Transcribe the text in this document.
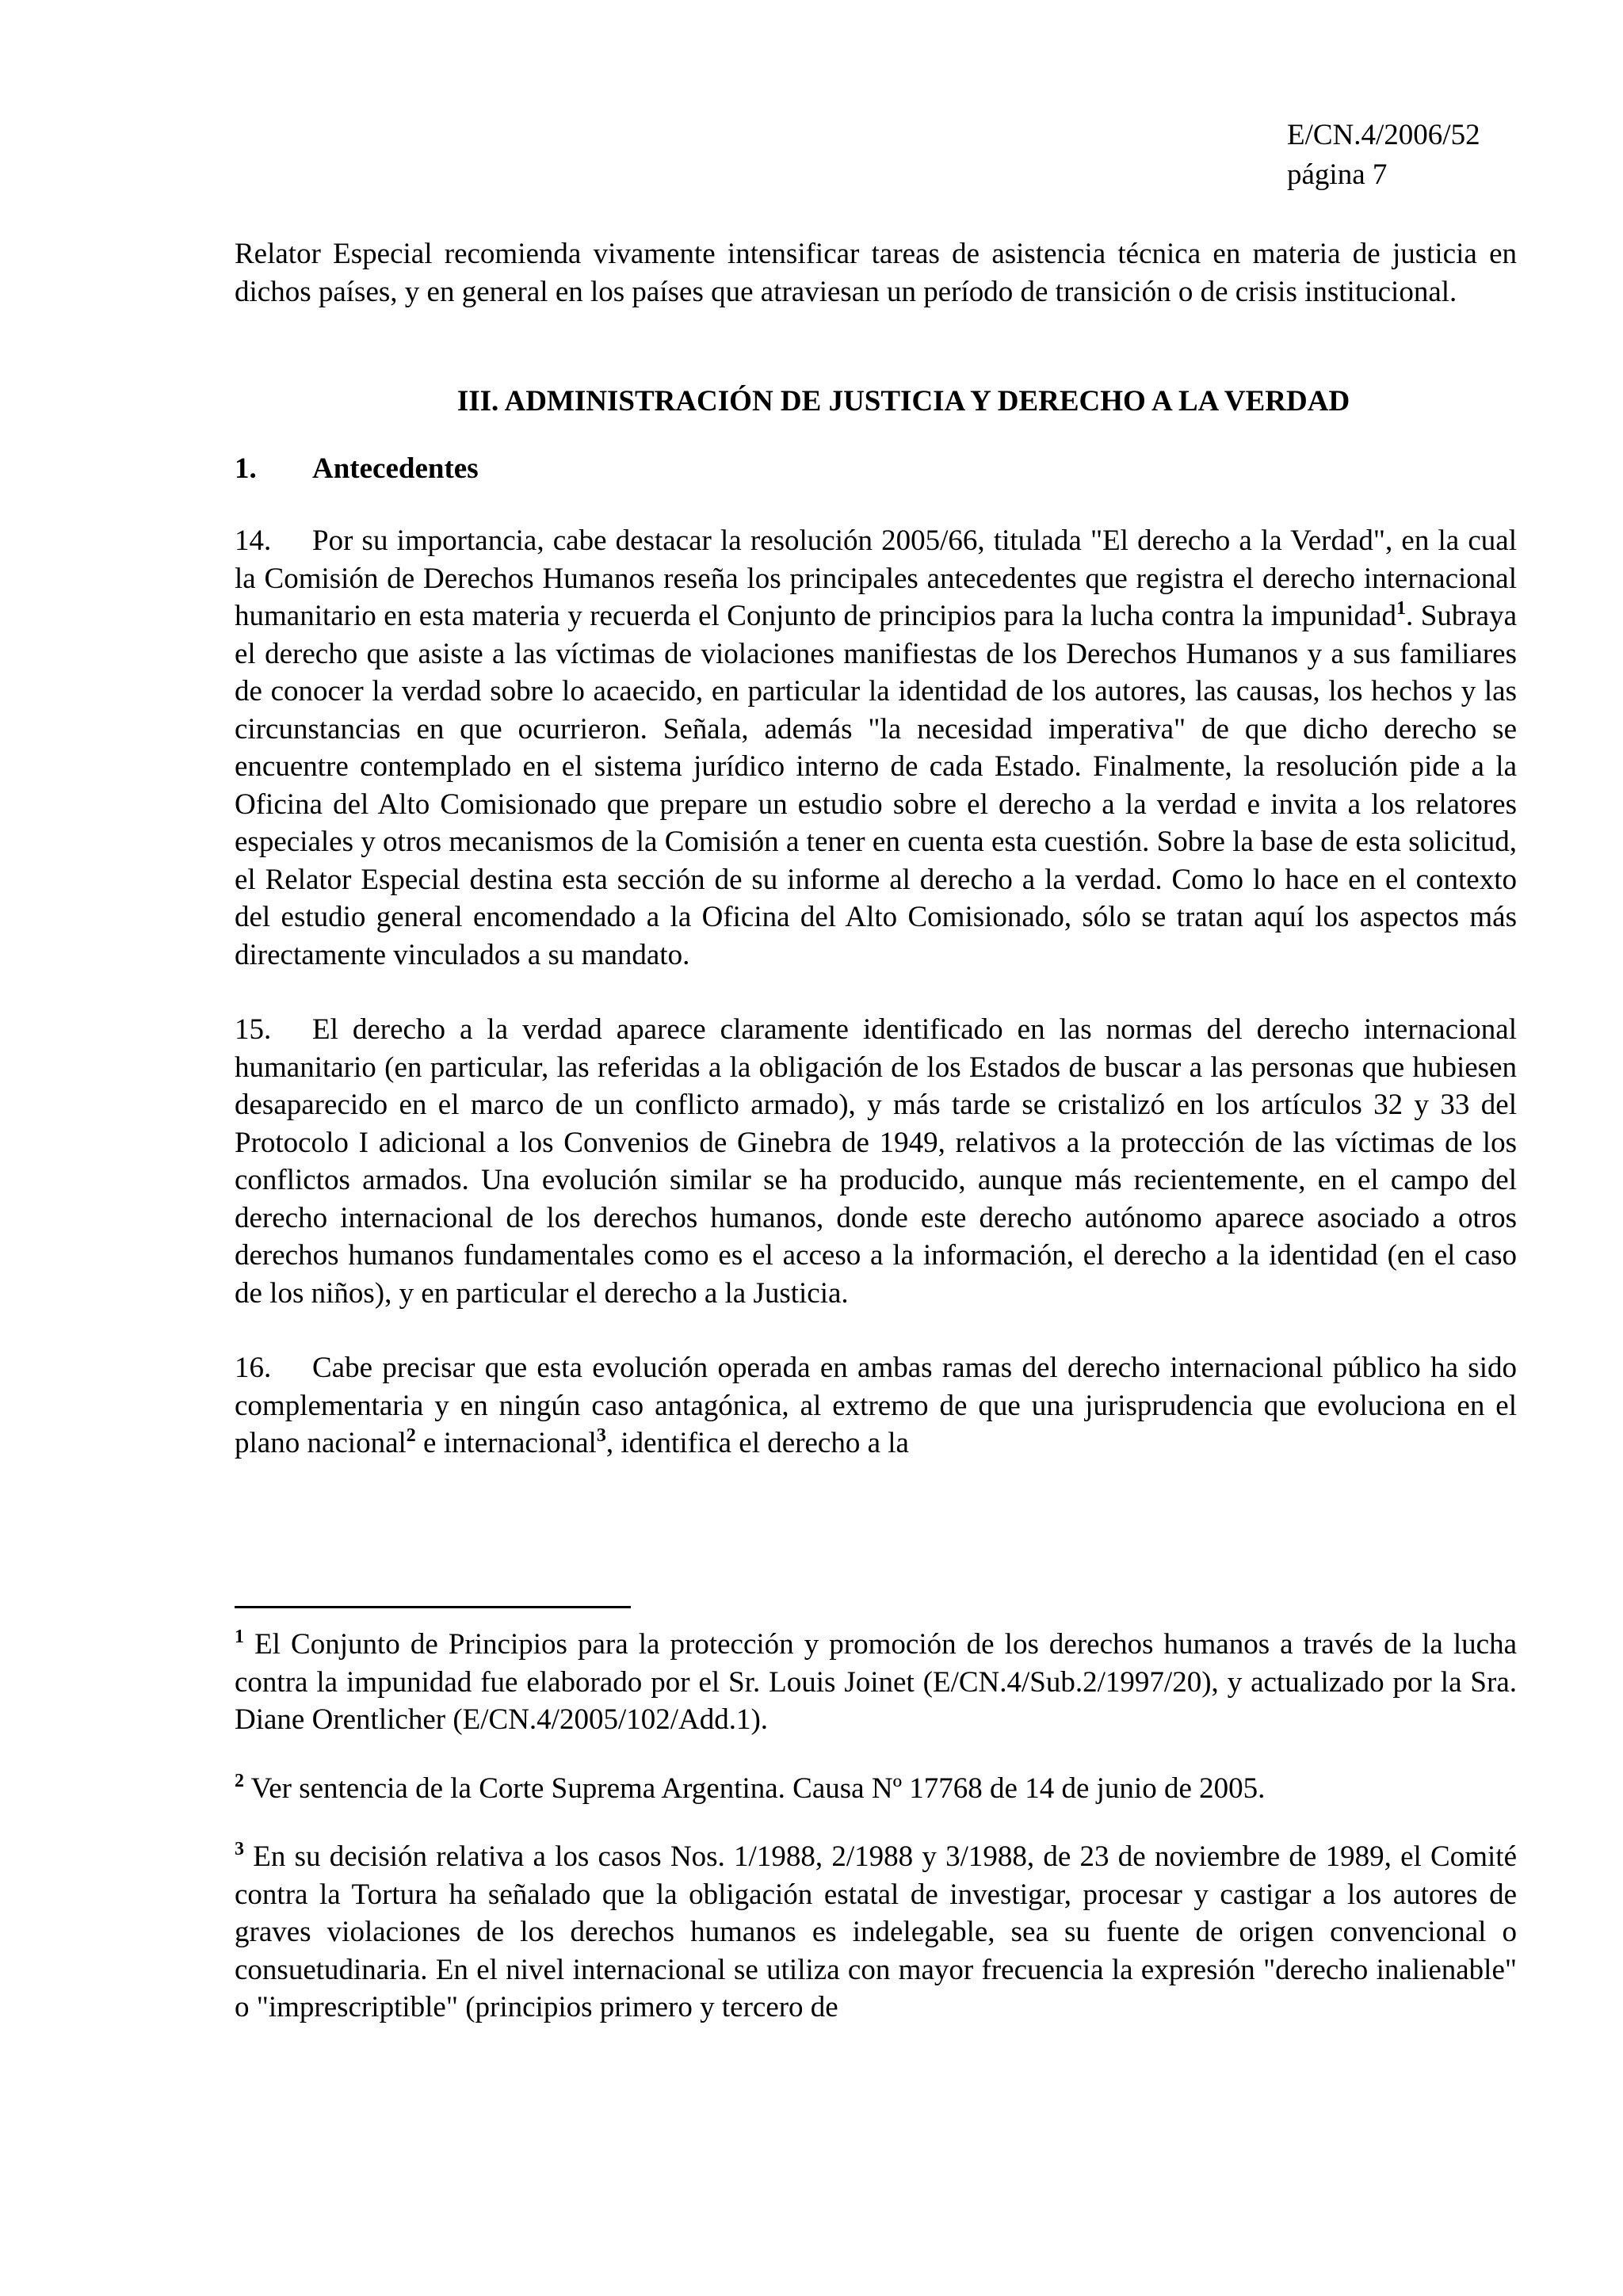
E/CN.4/2006/52
página 7

Relator Especial recomienda vivamente intensificar tareas de asistencia técnica en materia de justicia en dichos países, y en general en los países que atraviesan un período de transición o de crisis institucional.

III. ADMINISTRACIÓN DE JUSTICIA Y DERECHO A LA VERDAD
1. Antecedentes

14. Por su importancia, cabe destacar la resolución 2005/66, titulada "El derecho a la Verdad", en la cual la Comisión de Derechos Humanos reseña los principales antecedentes que registra el derecho internacional humanitario en esta materia y recuerda el Conjunto de principios para la lucha contra la impunidad$^1$. Subraya el derecho que asiste a las víctimas de violaciones manifiestas de los Derechos Humanos y a sus familiares de conocer la verdad sobre lo acaecido, en particular la identidad de los autores, las causas, los hechos y las circunstancias en que ocurrieron. Señala, además "la necesidad imperativa" de que dicho derecho se encuentre contemplado en el sistema jurídico interno de cada Estado. Finalmente, la resolución pide a la Oficina del Alto Comisionado que prepare un estudio sobre el derecho a la verdad e invita a los relatores especiales y otros mecanismos de la Comisión a tener en cuenta esta cuestión. Sobre la base de esta solicitud, el Relator Especial destina esta sección de su informe al derecho a la verdad. Como lo hace en el contexto del estudio general encomendado a la Oficina del Alto Comisionado, sólo se tratan aquí los aspectos más directamente vinculados a su mandato.

15. El derecho a la verdad aparece claramente identificado en las normas del derecho internacional humanitario (en particular, las referidas a la obligación de los Estados de buscar a las personas que hubiesen desaparecido en el marco de un conflicto armado), y más tarde se cristalizó en los artículos 32 y 33 del Protocolo I adicional a los Convenios de Ginebra de 1949, relativos a la protección de las víctimas de los conflictos armados. Una evolución similar se ha producido, aunque más recientemente, en el campo del derecho internacional de los derechos humanos, donde este derecho autónomo aparece asociado a otros derechos humanos fundamentales como es el acceso a la información, el derecho a la identidad (en el caso de los niños), y en particular el derecho a la Justicia.

16. Cabe precisar que esta evolución operada en ambas ramas del derecho internacional público ha sido complementaria y en ningún caso antagónica, al extremo de que una jurisprudencia que evoluciona en el plano nacional$^2$ e internacional$^3$, identifica el derecho a la

$^1$ El Conjunto de Principios para la protección y promoción de los derechos humanos a través de la lucha contra la impunidad fue elaborado por el Sr. Louis Joinet (E/CN.4/Sub.2/1997/20), y actualizado por la Sra. Diane Orentlicher (E/CN.4/2005/102/Add.1).

$^2$ Ver sentencia de la Corte Suprema Argentina. Causa Nº 17768 de 14 de junio de 2005.

$^3$ En su decisión relativa a los casos Nos. 1/1988, 2/1988 y 3/1988, de 23 de noviembre de 1989, el Comité contra la Tortura ha señalado que la obligación estatal de investigar, procesar y castigar a los autores de graves violaciones de los derechos humanos es indelegable, sea su fuente de origen convencional o consuetudinaria. En el nivel internacional se utiliza con mayor frecuencia la expresión "derecho inalienable" o "imprescriptible" (principios primero y tercero de
